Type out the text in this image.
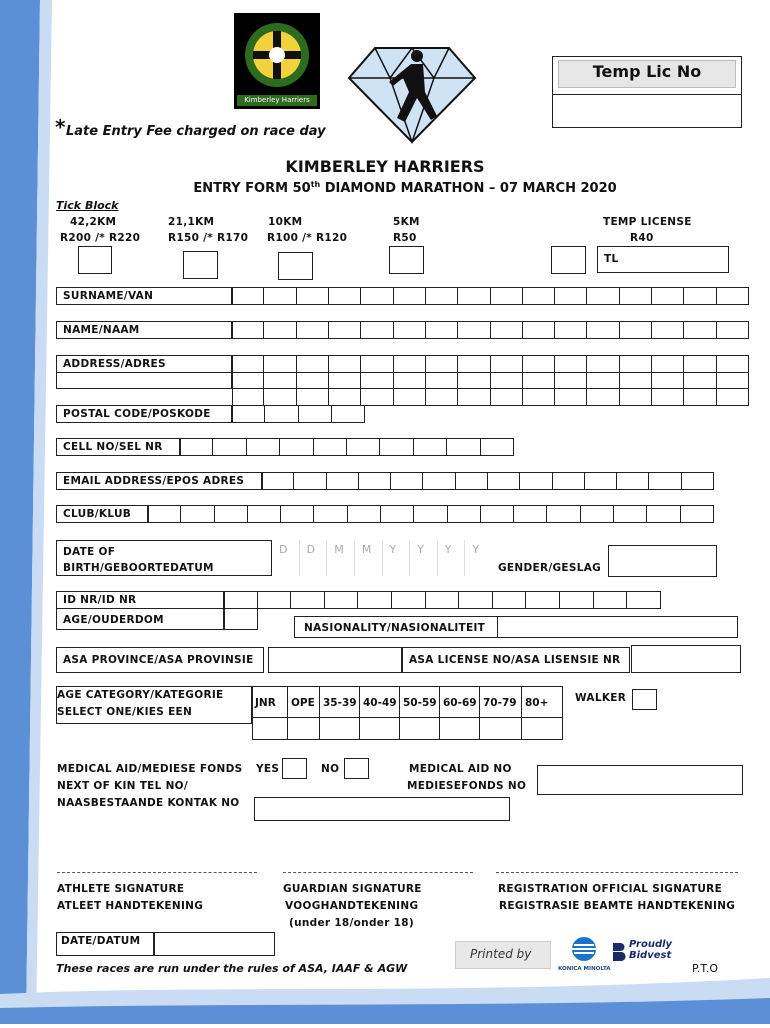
Kimberley Harriers
Temp Lic No
* Late Entry Fee charged on race day
KIMBERLEY HARRIERS
ENTRY FORM 50th DIAMOND MARATHON – 07 MARCH 2020
Tick Block
42,2KM
R200 /* R220
21,1KM
R150 /* R170
10KM
R100 /* R120
5KM
R50
TEMP LICENSE
R40
TL
SURNAME/VAN
NAME/NAAM
ADDRESS/ADRES
POSTAL CODE/POSKODE
CELL NO/SEL NR
EMAIL ADDRESS/EPOS ADRES
CLUB/KLUB
DATE OF
BIRTH/GEBOORTEDATUM
D D M M Y Y Y Y
GENDER/GESLAG
ID NR/ID NR
AGE/OUDERDOM
NASIONALITY/NASIONALITEIT
ASA PROVINCE/ASA PROVINSIE	ASA LICENSE NO/ASA LISENSIE NR
AGE CATEGORY/KATEGORIE
SELECT ONE/KIES EEN
JNR	OPE 35-39 40-49 50-59 60-69 70-79 80+	WALKER
MEDICAL AID/MEDIESE FONDS YES	NO	MEDICAL AID NO
MEDIESEFONDS NO
NEXT OF KIN TEL NO/
NAASBESTAANDE KONTAK NO
ATHLETE SIGNATURE
ATLEET HANDTEKENING
GUARDIAN SIGNATURE
VOOGHANDTEKENING
(under 18/onder 18)
REGISTRATION OFFICIAL SIGNATURE
REGISTRASIE BEAMTE HANDTEKENING
DATE/DATUM
These races are run under the rules of ASA, IAAF & AGW
Printed by
KONICA MINOLTA
Proudly
Bidvest
P.T.O
